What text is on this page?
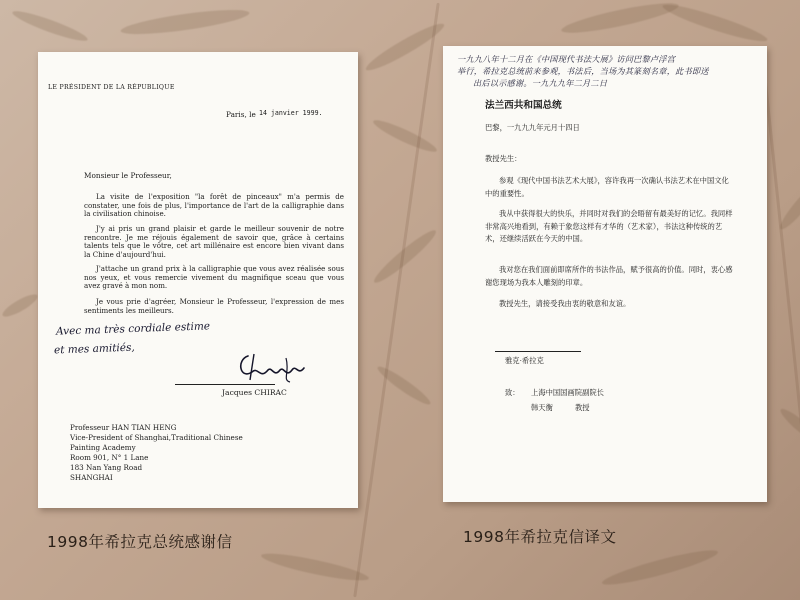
LE PRÉSIDENT DE LA RÉPUBLIQUE
Paris, le 14 janvier 1999.
Monsieur le Professeur,
La visite de l'exposition "la forêt de pinceaux" m'a permis de constater, une fois de plus, l'importance de l'art de la calligraphie dans la civilisation chinoise.
J'y ai pris un grand plaisir et garde le meilleur souvenir de notre rencontre. Je me réjouis également de savoir que, grâce à certains talents tels que le vôtre, cet art millénaire est encore bien vivant dans la Chine d'aujourd'hui.
J'attache un grand prix à la calligraphie que vous avez réalisée sous nos yeux, et vous remercie vivement du magnifique sceau que vous avez gravé à mon nom.
Je vous prie d'agréer, Monsieur le Professeur, l'expression de mes sentiments les meilleurs.
Avec ma très cordiale estime
et mes amitiés,
Jacques CHIRAC
Professeur HAN TIAN HENG
Vice-President of Shanghai,Traditional Chinese
Painting Academy
Room 901, N° 1 Lane
183 Nan Yang Road
SHANGHAI
一九九八年十二月在《中国现代书法大展》访问巴黎卢浮宫
举行，希拉克总统前来参观，书法后，当场为其篆刻名章，此书即送
出后以示感谢。一九九九年二月二日
法兰西共和国总统
巴黎，一九九九年元月十四日
教授先生：
参观《现代中国书法艺术大展》，容许我再一次确认书法艺术在中国文化中的重要性。
我从中获得很大的快乐，并同时对我们的会晤留有最美好的记忆。我同样非常高兴地看到，有赖于象您这样有才华的（艺术家），书法这种传统的艺术，还继续活跃在今天的中国。
我对您在我们面前即席所作的书法作品，赋予很高的价值。同时，衷心感谢您现场为我本人雕刻的印章。
教授先生，请接受我由衷的敬意和友谊。
雅克·希拉克
致： 上海中国国画院副院长
韩天衡	教授
1998年希拉克总统感谢信	1998年希拉克信译文
